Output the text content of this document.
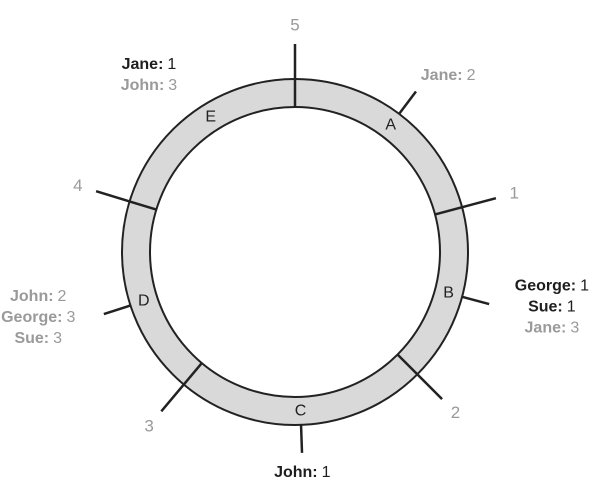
1
2
3
4
5
A
Jane: 2
B	George: 1
Sue: 1
Jane: 3
C
John: 1
D
John: 2
George: 3
Sue: 3
E
Jane: 1
John: 3
